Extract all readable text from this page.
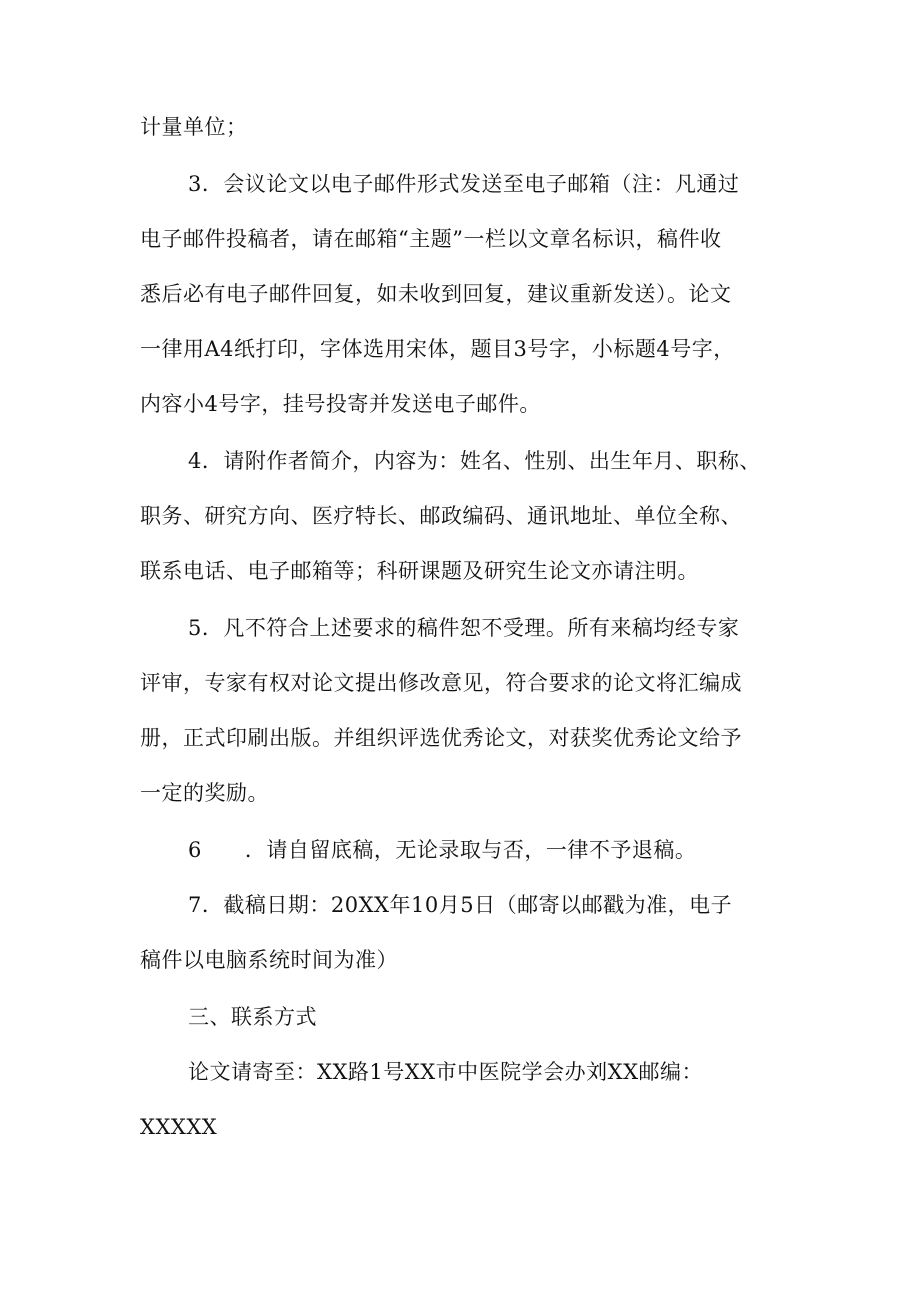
计量单位；
3．会议论文以电子邮件形式发送至电子邮箱（注：凡通过
电子邮件投稿者，请在邮箱“主题”一栏以文章名标识，稿件收
悉后必有电子邮件回复，如未收到回复，建议重新发送）。论文
一律用A4纸打印，字体选用宋体，题目3号字，小标题4号字，
内容小4号字，挂号投寄并发送电子邮件。
4．请附作者简介，内容为：姓名、性别、出生年月、职称、
职务、研究方向、医疗特长、邮政编码、通讯地址、单位全称、
联系电话、电子邮箱等；科研课题及研究生论文亦请注明。
5．凡不符合上述要求的稿件恕不受理。所有来稿均经专家
评审，专家有权对论文提出修改意见，符合要求的论文将汇编成
册，正式印刷出版。并组织评选优秀论文，对获奖优秀论文给予
一定的奖励。
6　　．请自留底稿，无论录取与否，一律不予退稿。
7．截稿日期：20XX年10月5日（邮寄以邮戳为准，电子
稿件以电脑系统时间为准）
三、联系方式
论文请寄至：XX路1号XX市中医院学会办刘XX邮编：
XXXXX
